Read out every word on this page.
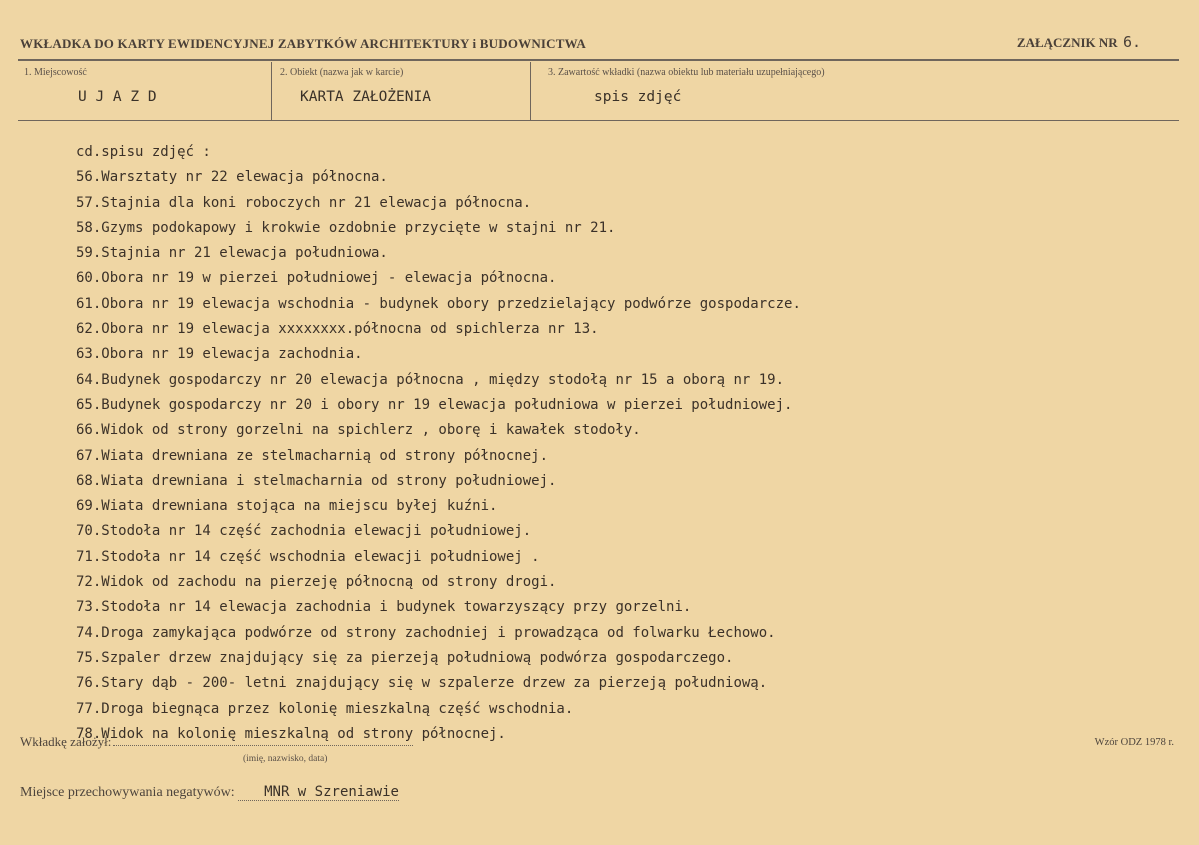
WKŁADKA DO KARTY EWIDENCYJNEJ ZABYTKÓW ARCHITEKTURY i BUDOWNICTWA	ZAŁĄCZNIK NR 6.
1. Miejscowość
U J A Z D
2. Obiekt (nazwa jak w karcie)
KARTA ZAŁOŻENIA
3. Zawartość wkładki (nazwa obiektu lub materiału uzupełniającego)
spis zdjęć
cd.spisu zdjęć :
56.Warsztaty nr 22 elewacja północna.
57.Stajnia dla koni roboczych nr 21 elewacja północna.
58.Gzyms podokapowy i krokwie ozdobnie przycięte w stajni nr 21.
59.Stajnia nr 21 elewacja południowa.
60.Obora nr 19 w pierzei południowej - elewacja północna.
61.Obora nr 19 elewacja wschodnia - budynek obory przedzielający podwórze gospodarcze.
62.Obora nr 19 elewacja xxxxxxxx.północna od spichlerza nr 13.
63.Obora nr 19 elewacja zachodnia.
64.Budynek gospodarczy nr 20 elewacja północna , między stodołą nr 15 a oborą nr 19.
65.Budynek gospodarczy nr 20 i obory nr 19 elewacja południowa w pierzei południowej.
66.Widok od strony gorzelni na spichlerz , oborę i kawałek stodoły.
67.Wiata drewniana ze stelmacharnią od strony północnej.
68.Wiata drewniana i stelmacharnia od strony południowej.
69.Wiata drewniana stojąca na miejscu byłej kuźni.
70.Stodoła nr 14 część zachodnia elewacji południowej.
71.Stodoła nr 14 część wschodnia elewacji południowej .
72.Widok od zachodu na pierzeję północną od strony drogi.
73.Stodoła nr 14 elewacja zachodnia i budynek towarzyszący przy gorzelni.
74.Droga zamykająca podwórze od strony zachodniej i prowadząca od folwarku Łechowo.
75.Szpaler drzew znajdujący się za pierzeją południową podwórza gospodarczego.
76.Stary dąb - 200- letni znajdujący się w szpalerze drzew za pierzeją południową.
77.Droga biegnąca przez kolonię mieszkalną część wschodnia.
78.Widok na kolonię mieszkalną od strony północnej.
Wkładkę założył:
(imię, nazwisko, data)
Wzór ODZ 1978 r.
Miejsce przechowywania negatywów: MNR w Szreniawie
